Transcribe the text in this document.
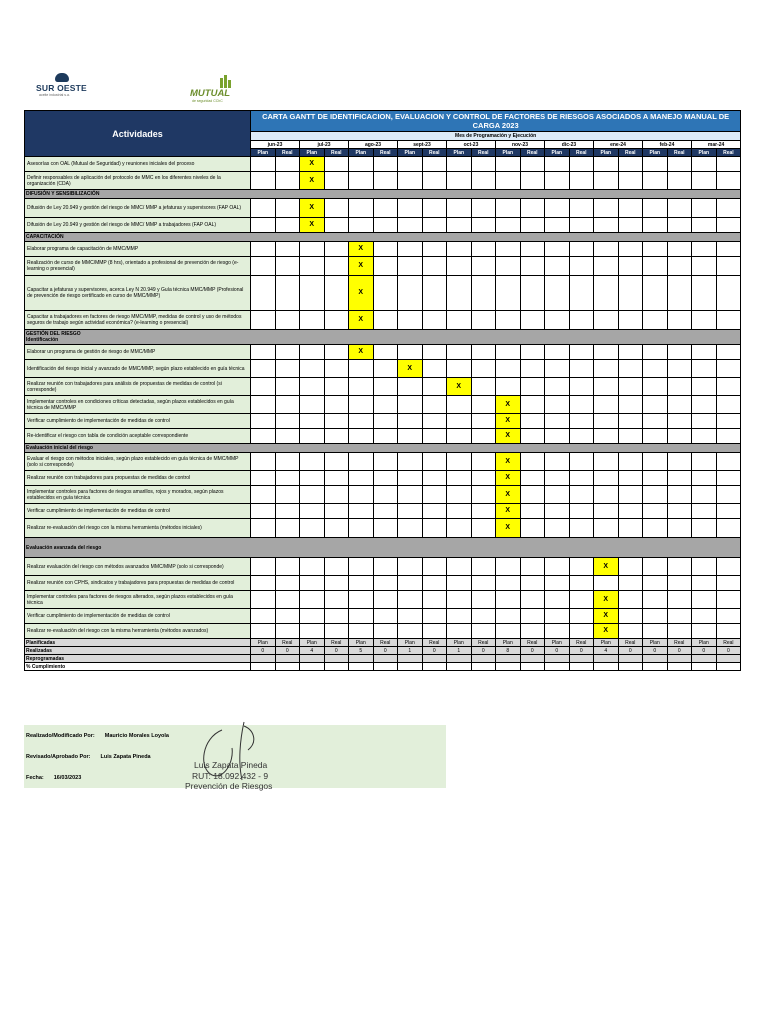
SUR OESTE
aceite industrial s.a.	MUTUAL
de seguridad CChC
Actividades	CARTA GANTT DE IDENTIFICACION, EVALUACION Y CONTROL DE FACTORES DE RIESGOS ASOCIADOS A MANEJO MANUAL DE CARGA 2023																			
	Mes de Programación y Ejecución																			
	jun-23		jul-23		ago-23		sept-23		oct-23		nov-23		dic-23		ene-24		feb-24		mar-24	
	Plan	Real	Plan	Real	Plan	Real	Plan	Real	Plan	Real	Plan	Real	Plan	Real	Plan	Real	Plan	Real	Plan	Real
Asesorías con OAL (Mutual de Seguridad) y reuniones iniciales del proceso			X																	
Definir responsables de aplicación del protocolo de MMC en los diferentes niveles de la organización (CDA)			X																	
DIFUSIÓN Y SENSIBILIZACIÓN																				
Difusión de Ley 20.949 y gestión del riesgo de MMC/ MMP a jefaturas y supervisores (FAP OAL)			X																	
Difusión de Ley 20.949 y gestión del riesgo de MMC/ MMP a trabajadores (FAP OAL)			X																	
CAPACITACIÓN																				
Elaborar programa de capacitación de MMC/MMP					X															
Realización de curso de MMC/MMP (8 hrs), orientado a profesional de prevención de riesgo (e-learning o presencial)					X															
Capacitar a jefaturas y supervisores, acerca Ley N 20.949 y Guía técnica MMC/MMP (Profesional de prevención de riesgo certificado en curso de MMC/MMP)					X															
Capacitar a trabajadores en factores de riesgo MMC/MMP, medidas de control y uso de métodos seguros de trabajo según actividad económica? (e-learning o presencial)					X															
GESTIÓN DEL RIESGO
Identificación																				
Elaborar un programa de gestión de riesgo de MMC/MMP					X															
Identificación del riesgo inicial y avanzado de MMC/MMP, según plazo establecido en guía técnica							X													
Realizar reunión con trabajadores para análisis de propuestas de medidas de control (si corresponde)									X											
Implementar controles en condiciones críticas detectadas, según plazos establecidos en guía técnica de MMC/MMP											X									
Verificar cumplimiento de implementación de medidas de control											X									
Re-identificar el riesgo con tabla de condición aceptable correspondiente											X									
Evaluación inicial del riesgo																				
Evaluar el riesgo con métodos iniciales, según plazo establecido en guía técnica de MMC/MMP (solo si corresponde)											X									
Realizar reunión con trabajadores para propuestas de medidas de control											X									
Implementar controles para factores de riesgos amarillos, rojos y morados, según plazos establecidos en guía técnica											X									
Verificar cumplimiento de implementación de medidas de control											X									
Realizar re-evaluación del riesgo con la misma herramienta (métodos iniciales)											X									
Evaluación avanzada del riesgo																				
Realizar evaluación del riesgo con métodos avanzados MMC/MMP (solo si corresponde)															X					
Realizar reunión con CPHS, sindicatos y trabajadores para propuestas de medidas de control																				
Implementar controles para factores de riesgos alterados, según plazos establecidos en guía técnica															X					
Verificar cumplimiento de implementación de medidas de control															X					
Realizar re-evaluación del riesgo con la misma herramienta (métodos avanzados)															X					
Planificadas	Plan	Real	Plan	Real	Plan	Real	Plan	Real	Plan	Real	Plan	Real	Plan	Real	Plan	Real	Plan	Real	Plan	Real
Realizadas	0	0	4	0	5	0	1	0	1	0	8	0	0	0	4	0	0	0	0	0
Reprogramadas																				
% Cumplimiento																				
Realizado/Modificado Por: Mauricio Morales Loyola
Revisado/Aprobado Por: Luis Zapata Pineda
Fecha: 16/03/2023
Luis Zapata Pineda
RUT: 18.092.432 - 9
Prevención de Riesgos
